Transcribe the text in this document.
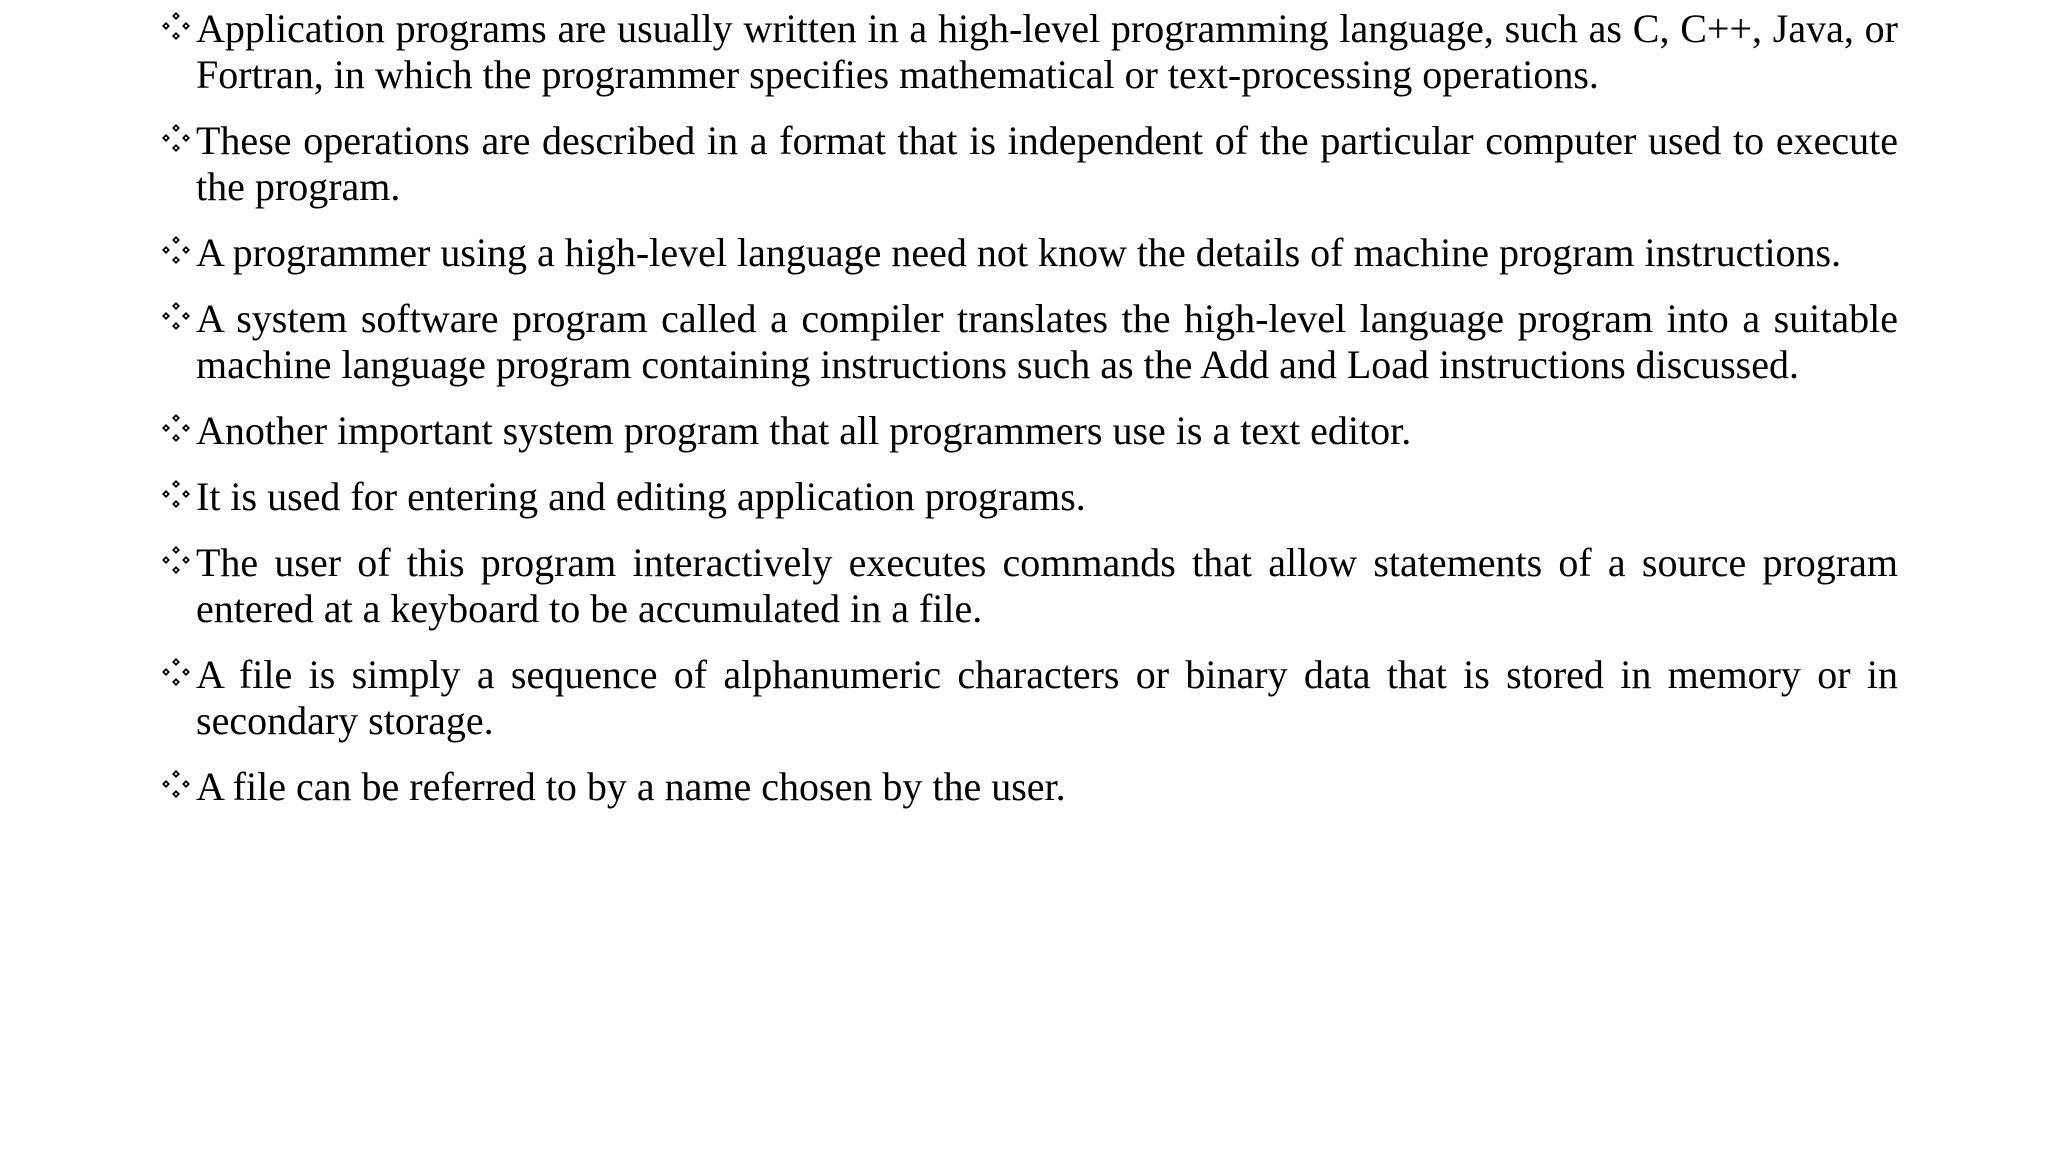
Application programs are usually written in a high-level programming language, such as C, C++, Java, or Fortran, in which the programmer specifies mathematical or text-processing operations.
These operations are described in a format that is independent of the particular computer used to execute the program.
A programmer using a high-level language need not know the details of machine program instructions.
A system software program called a compiler translates the high-level language program into a suitable machine language program containing instructions such as the Add and Load instructions discussed.
Another important system program that all programmers use is a text editor.
It is used for entering and editing application programs.
The user of this program interactively executes commands that allow statements of a source program entered at a keyboard to be accumulated in a file.
A file is simply a sequence of alphanumeric characters or binary data that is stored in memory or in secondary storage.
A file can be referred to by a name chosen by the user.
